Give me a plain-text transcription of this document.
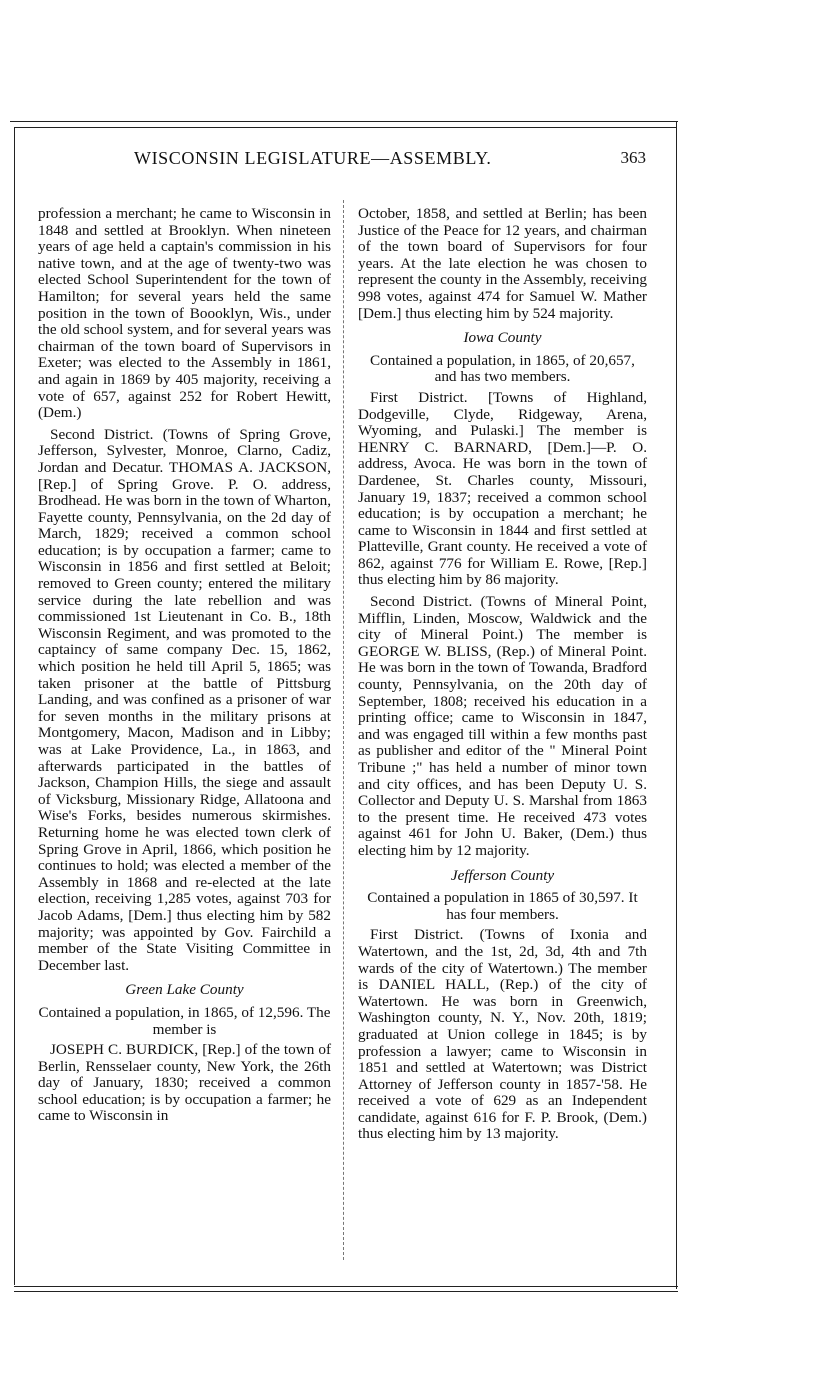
WISCONSIN LEGISLATURE—ASSEMBLY.	363

profession a merchant; he came to Wisconsin in 1848 and settled at Brooklyn. When nineteen years of age held a captain's commission in his native town, and at the age of twenty-two was elected School Superintendent for the town of Hamilton; for several years held the same position in the town of Boooklyn, Wis., under the old school system, and for several years was chairman of the town board of Supervisors in Exeter; was elected to the Assembly in 1861, and again in 1869 by 405 majority, receiving a vote of 657, against 252 for Robert Hewitt, (Dem.)

Second District. (Towns of Spring Grove, Jefferson, Sylvester, Monroe, Clarno, Cadiz, Jordan and Decatur. THOMAS A. JACKSON, [Rep.] of Spring Grove. P. O. address, Brodhead. He was born in the town of Wharton, Fayette county, Pennsylvania, on the 2d day of March, 1829; received a common school education; is by occupation a farmer; came to Wisconsin in 1856 and first settled at Beloit; removed to Green county; entered the military service during the late rebellion and was commissioned 1st Lieutenant in Co. B., 18th Wisconsin Regiment, and was promoted to the captaincy of same company Dec. 15, 1862, which position he held till April 5, 1865; was taken prisoner at the battle of Pittsburg Landing, and was confined as a prisoner of war for seven months in the military prisons at Montgomery, Macon, Madison and in Libby; was at Lake Providence, La., in 1863, and afterwards participated in the battles of Jackson, Champion Hills, the siege and assault of Vicksburg, Missionary Ridge, Allatoona and Wise's Forks, besides numerous skirmishes. Returning home he was elected town clerk of Spring Grove in April, 1866, which position he continues to hold; was elected a member of the Assembly in 1868 and re-elected at the late election, receiving 1,285 votes, against 703 for Jacob Adams, [Dem.] thus electing him by 582 majority; was appointed by Gov. Fairchild a member of the State Visiting Committee in December last.

Green Lake County

Contained a population, in 1865, of 12,596. The member is

JOSEPH C. BURDICK, [Rep.] of the town of Berlin, Rensselaer county, New York, the 26th day of January, 1830; received a common school education; is by occupation a farmer; he came to Wisconsin in

October, 1858, and settled at Berlin; has been Justice of the Peace for 12 years, and chairman of the town board of Supervisors for four years. At the late election he was chosen to represent the county in the Assembly, receiving 998 votes, against 474 for Samuel W. Mather [Dem.] thus electing him by 524 majority.

Iowa County

Contained a population, in 1865, of 20,657, and has two members.

First District. [Towns of Highland, Dodgeville, Clyde, Ridgeway, Arena, Wyoming, and Pulaski.] The member is HENRY C. BARNARD, [Dem.]—P. O. address, Avoca. He was born in the town of Dardenee, St. Charles county, Missouri, January 19, 1837; received a common school education; is by occupation a merchant; he came to Wisconsin in 1844 and first settled at Platteville, Grant county. He received a vote of 862, against 776 for William E. Rowe, [Rep.] thus electing him by 86 majority.

Second District. (Towns of Mineral Point, Mifflin, Linden, Moscow, Waldwick and the city of Mineral Point.) The member is GEORGE W. BLISS, (Rep.) of Mineral Point. He was born in the town of Towanda, Bradford county, Pennsylvania, on the 20th day of September, 1808; received his education in a printing office; came to Wisconsin in 1847, and was engaged till within a few months past as publisher and editor of the " Mineral Point Tribune ;" has held a number of minor town and city offices, and has been Deputy U. S. Collector and Deputy U. S. Marshal from 1863 to the present time. He received 473 votes against 461 for John U. Baker, (Dem.) thus electing him by 12 majority.

Jefferson County

Contained a population in 1865 of 30,597. It has four members.

First District. (Towns of Ixonia and Watertown, and the 1st, 2d, 3d, 4th and 7th wards of the city of Watertown.) The member is DANIEL HALL, (Rep.) of the city of Watertown. He was born in Greenwich, Washington county, N. Y., Nov. 20th, 1819; graduated at Union college in 1845; is by profession a lawyer; came to Wisconsin in 1851 and settled at Watertown; was District Attorney of Jefferson county in 1857-'58. He received a vote of 629 as an Independent candidate, against 616 for F. P. Brook, (Dem.) thus electing him by 13 majority.
